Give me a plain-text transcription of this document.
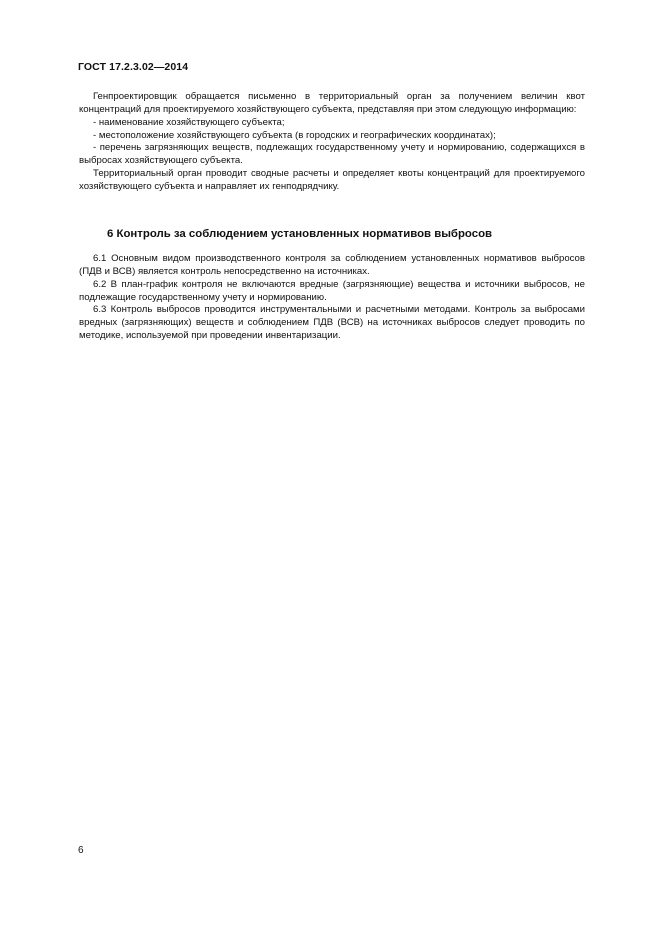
ГОСТ 17.2.3.02—2014

Генпроектировщик обращается письменно в территориальный орган за получением величин квот концентраций для проектируемого хозяйствующего субъекта, представляя при этом следующую информацию:

- наименование хозяйствующего субъекта;

- местоположение хозяйствующего субъекта (в городских и географических координатах);

- перечень загрязняющих веществ, подлежащих государственному учету и нормированию, содержащихся в выбросах хозяйствующего субъекта.

Территориальный орган проводит сводные расчеты и определяет квоты концентраций для проектируемого хозяйствующего субъекта и направляет их генподрядчику.

6 Контроль за соблюдением установленных нормативов выбросов

6.1 Основным видом производственного контроля за соблюдением установленных нормативов выбросов (ПДВ и ВСВ) является контроль непосредственно на источниках.

6.2 В план-график контроля не включаются вредные (загрязняющие) вещества и источники выбросов, не подлежащие государственному учету и нормированию.

6.3 Контроль выбросов проводится инструментальными и расчетными методами. Контроль за выбросами вредных (загрязняющих) веществ и соблюдением ПДВ (ВСВ) на источниках выбросов следует проводить по методике, используемой при проведении инвентаризации.

6
